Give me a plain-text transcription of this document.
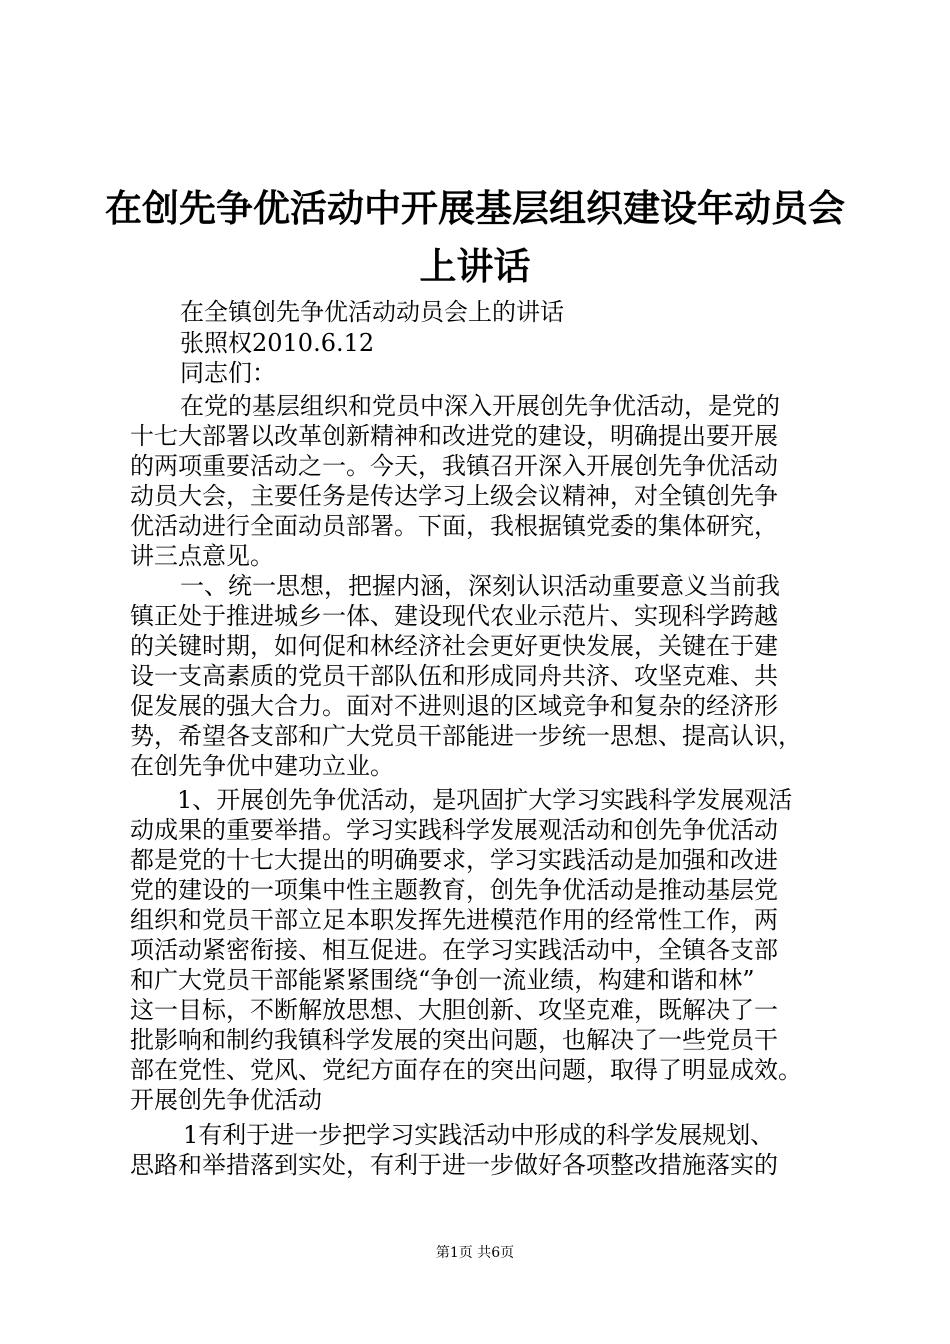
在创先争优活动中开展基层组织建设年动员会
上讲话

在全镇创先争优活动动员会上的讲话

张照权2010.6.12

同志们：

在党的基层组织和党员中深入开展创先争优活动，是党的

十七大部署以改革创新精神和改进党的建设，明确提出要开展

的两项重要活动之一。今天，我镇召开深入开展创先争优活动

动员大会，主要任务是传达学习上级会议精神，对全镇创先争

优活动进行全面动员部署。下面，我根据镇党委的集体研究，

讲三点意见。

一、统一思想，把握内涵，深刻认识活动重要意义当前我

镇正处于推进城乡一体、建设现代农业示范片、实现科学跨越

的关键时期，如何促和林经济社会更好更快发展，关键在于建

设一支高素质的党员干部队伍和形成同舟共济、攻坚克难、共

促发展的强大合力。面对不进则退的区域竞争和复杂的经济形

势，希望各支部和广大党员干部能进一步统一思想、提高认识，

在创先争优中建功立业。

1、开展创先争优活动，是巩固扩大学习实践科学发展观活

动成果的重要举措。学习实践科学发展观活动和创先争优活动

都是党的十七大提出的明确要求，学习实践活动是加强和改进

党的建设的一项集中性主题教育，创先争优活动是推动基层党

组织和党员干部立足本职发挥先进模范作用的经常性工作，两

项活动紧密衔接、相互促进。在学习实践活动中，全镇各支部

和广大党员干部能紧紧围绕“争创一流业绩，构建和谐和林”

这一目标，不断解放思想、大胆创新、攻坚克难，既解决了一

批影响和制约我镇科学发展的突出问题，也解决了一些党员干

部在党性、党风、党纪方面存在的突出问题，取得了明显成效。

开展创先争优活动

1有利于进一步把学习实践活动中形成的科学发展规划、

思路和举措落到实处，有利于进一步做好各项整改措施落实的

第1页 共6页
